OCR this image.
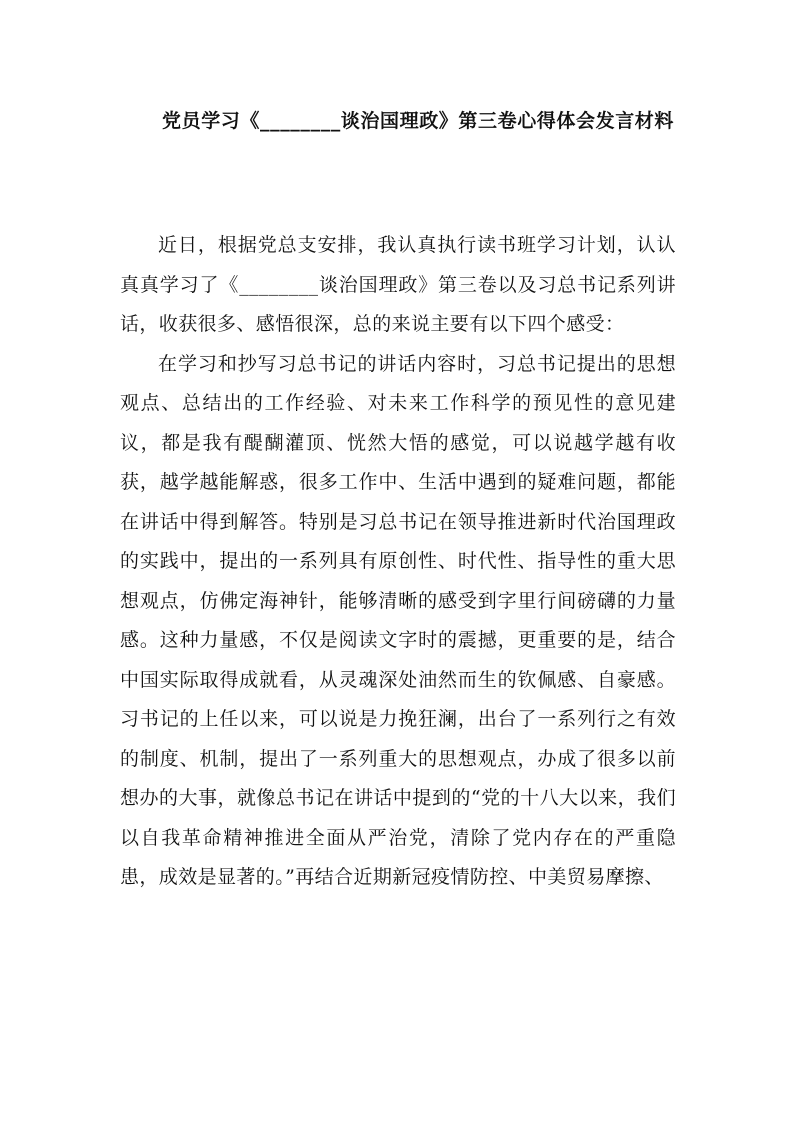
党员学习《________谈治国理政》第三卷心得体会发言材料

近日，根据党总支安排，我认真执行读书班学习计划，认认真真学习了《________谈治国理政》第三卷以及习总书记系列讲话，收获很多、感悟很深，总的来说主要有以下四个感受：

在学习和抄写习总书记的讲话内容时，习总书记提出的思想观点、总结出的工作经验、对未来工作科学的预见性的意见建议，都是我有醍醐灌顶、恍然大悟的感觉，可以说越学越有收获，越学越能解惑，很多工作中、生活中遇到的疑难问题，都能在讲话中得到解答。特别是习总书记在领导推进新时代治国理政的实践中，提出的一系列具有原创性、时代性、指导性的重大思想观点，仿佛定海神针，能够清晰的感受到字里行间磅礴的力量感。这种力量感，不仅是阅读文字时的震撼，更重要的是，结合中国实际取得成就看，从灵魂深处油然而生的钦佩感、自豪感。习书记的上任以来，可以说是力挽狂澜，出台了一系列行之有效的制度、机制，提出了一系列重大的思想观点，办成了很多以前想办的大事，就像总书记在讲话中提到的“党的十八大以来，我们以自我革命精神推进全面从严治党，清除了党内存在的严重隐患，成效是显著的。”再结合近期新冠疫情防控、中美贸易摩擦、
